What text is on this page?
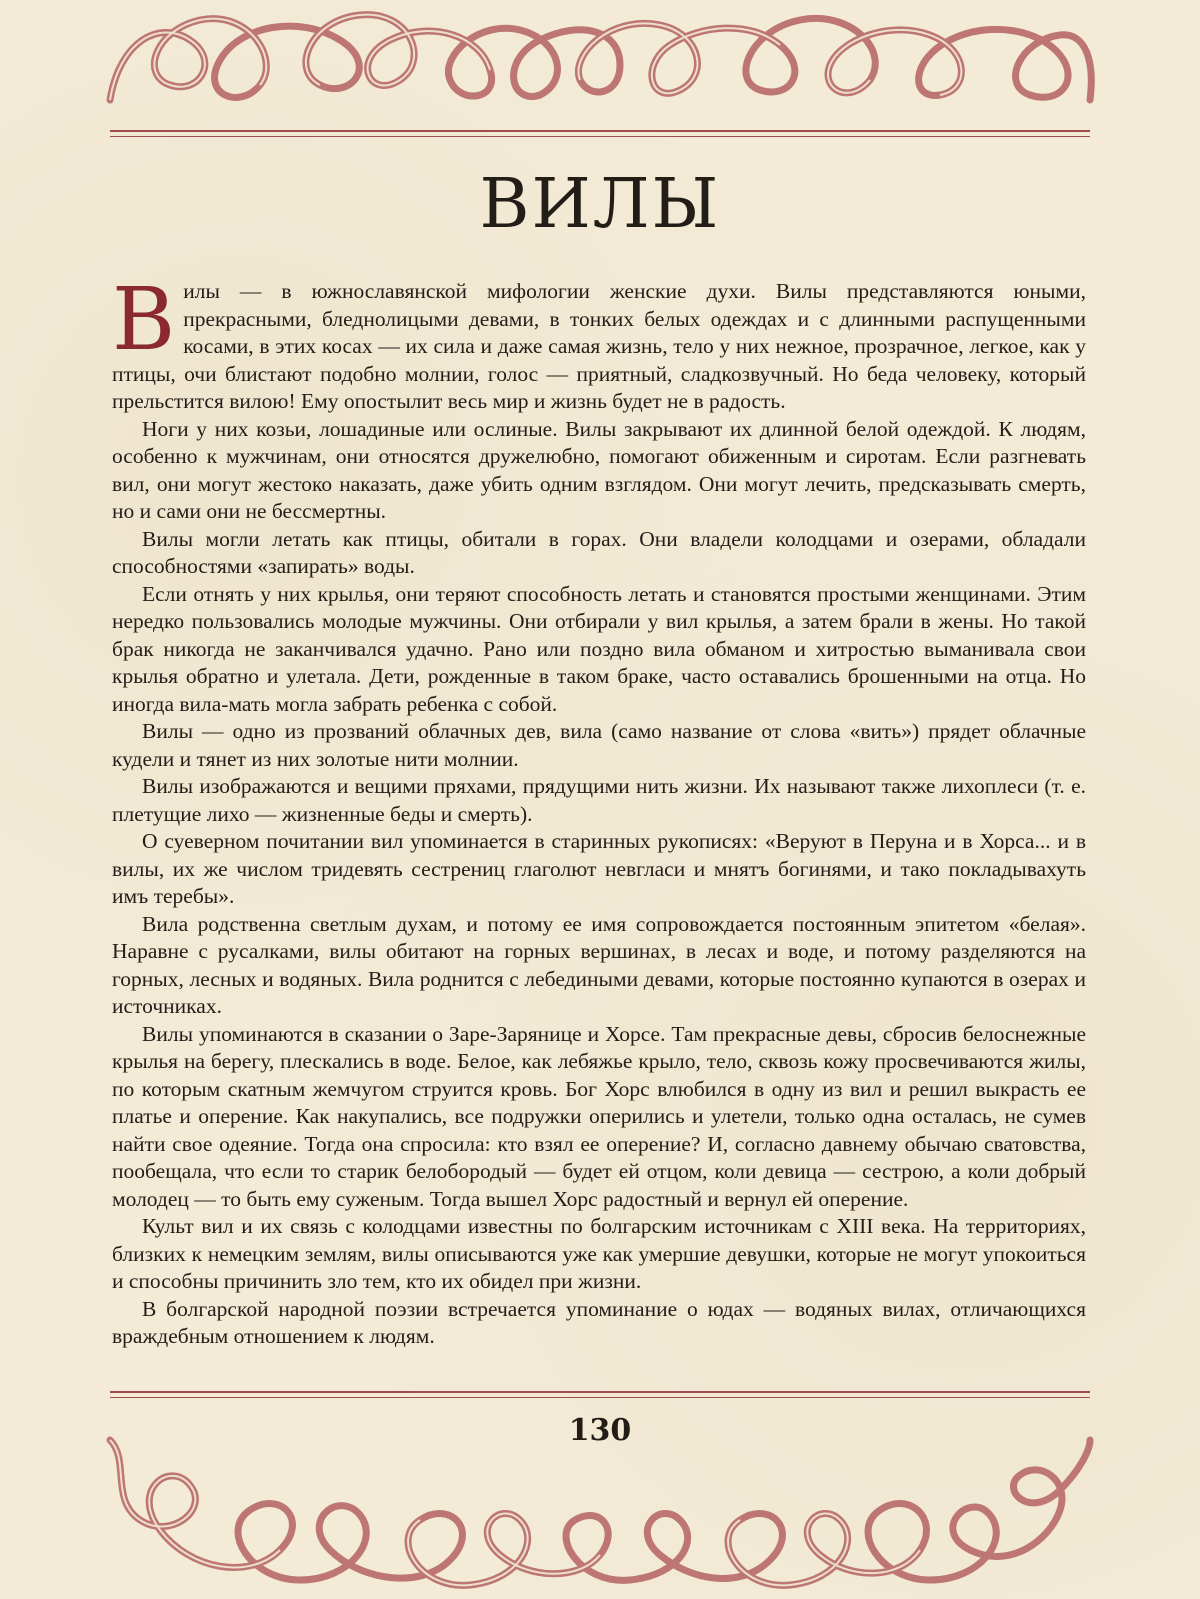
ВИЛЫ

Вилы — в южнославянской мифологии женские духи. Вилы представляются юными, прекрасными, бледнолицыми девами, в тонких белых одеждах и с длинными распущенными косами, в этих косах — их сила и даже самая жизнь, тело у них нежное, прозрачное, легкое, как у птицы, очи блистают подобно молнии, голос — приятный, сладкозвучный. Но беда человеку, который прельстится вилою! Ему опостылит весь мир и жизнь будет не в радость.

Ноги у них козьи, лошадиные или ослиные. Вилы закрывают их длинной белой одеждой. К людям, особенно к мужчинам, они относятся дружелюбно, помогают обиженным и сиротам. Если разгневать вил, они могут жестоко наказать, даже убить одним взглядом. Они могут лечить, предсказывать смерть, но и сами они не бессмертны.

Вилы могли летать как птицы, обитали в горах. Они владели колодцами и озерами, обладали способностями «запирать» воды.

Если отнять у них крылья, они теряют способность летать и становятся простыми женщинами. Этим нередко пользовались молодые мужчины. Они отбирали у вил крылья, а затем брали в жены. Но такой брак никогда не заканчивался удачно. Рано или поздно вила обманом и хитростью выманивала свои крылья обратно и улетала. Дети, рожденные в таком браке, часто оставались брошенными на отца. Но иногда вила-мать могла забрать ребенка с собой.

Вилы — одно из прозваний облачных дев, вила (само название от слова «вить») прядет облачные кудели и тянет из них золотые нити молнии.

Вилы изображаются и вещими пряхами, прядущими нить жизни. Их называют также лихоплеси (т. е. плетущие лихо — жизненные беды и смерть).

О суеверном почитании вил упоминается в старинных рукописях: «Веруют в Перуна и в Хорса... и в вилы, их же числом тридевять сестрениц глаголют невгласи и мнятъ богинями, и тако покладывахуть имъ теребы».

Вила родственна светлым духам, и потому ее имя сопровождается постоянным эпитетом «белая». Наравне с русалками, вилы обитают на горных вершинах, в лесах и воде, и потому разделяются на горных, лесных и водяных. Вила роднится с лебедиными девами, которые постоянно купаются в озерах и источниках.

Вилы упоминаются в сказании о Заре-Зарянице и Хорсе. Там прекрасные девы, сбросив белоснежные крылья на берегу, плескались в воде. Белое, как лебяжье крыло, тело, сквозь кожу просвечиваются жилы, по которым скатным жемчугом струится кровь. Бог Хорс влюбился в одну из вил и решил выкрасть ее платье и оперение. Как накупались, все подружки оперились и улетели, только одна осталась, не сумев найти свое одеяние. Тогда она спросила: кто взял ее оперение? И, согласно давнему обычаю сватовства, пообещала, что если то старик белобородый — будет ей отцом, коли девица — сестрою, а коли добрый молодец — то быть ему суженым. Тогда вышел Хорс радостный и вернул ей оперение.

Культ вил и их связь с колодцами известны по болгарским источникам с XIII века. На территориях, близких к немецким землям, вилы описываются уже как умершие девушки, которые не могут упокоиться и способны причинить зло тем, кто их обидел при жизни.

В болгарской народной поэзии встречается упоминание о юдах — водяных вилах, отличающихся враждебным отношением к людям.

130
